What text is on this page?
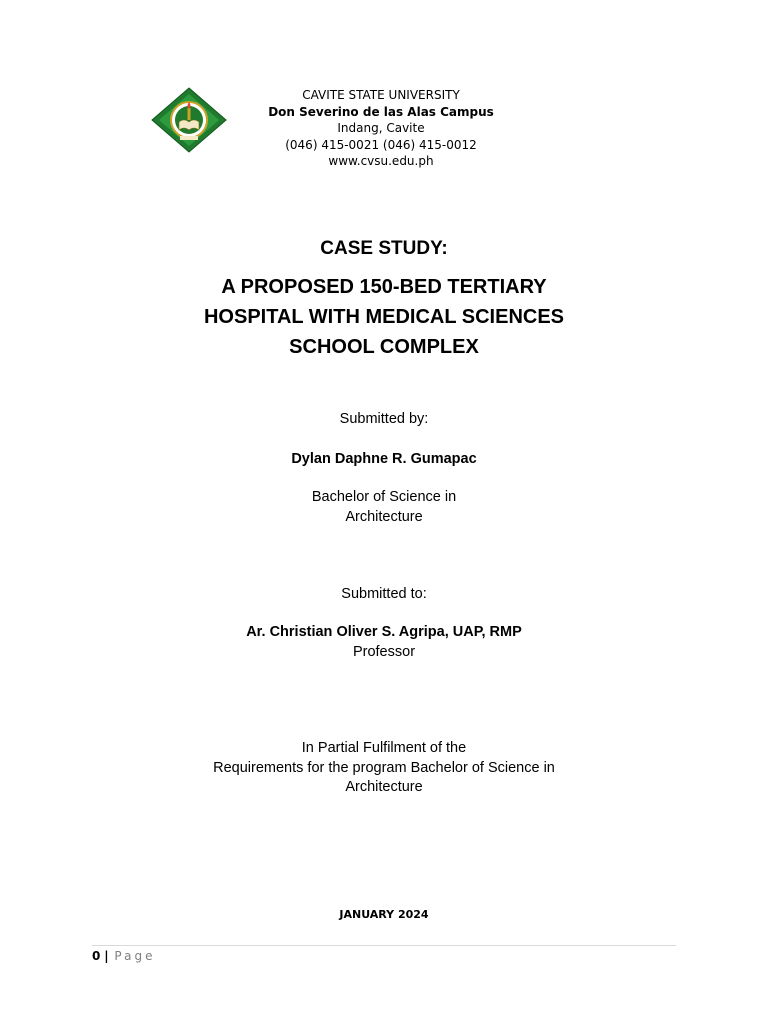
CAVITE STATE UNIVERSITY
Don Severino de las Alas Campus
Indang, Cavite
(046) 415-0021 (046) 415-0012
www.cvsu.edu.ph
CASE STUDY:
A PROPOSED 150-BED TERTIARY
HOSPITAL WITH MEDICAL SCIENCES
SCHOOL COMPLEX
Submitted by:
Dylan Daphne R. Gumapac
Bachelor of Science in
Architecture
Submitted to:
Ar. Christian Oliver S. Agripa, UAP, RMP
Professor
In Partial Fulfilment of the
Requirements for the program Bachelor of Science in
Architecture
JANUARY 2024
0 | Page
